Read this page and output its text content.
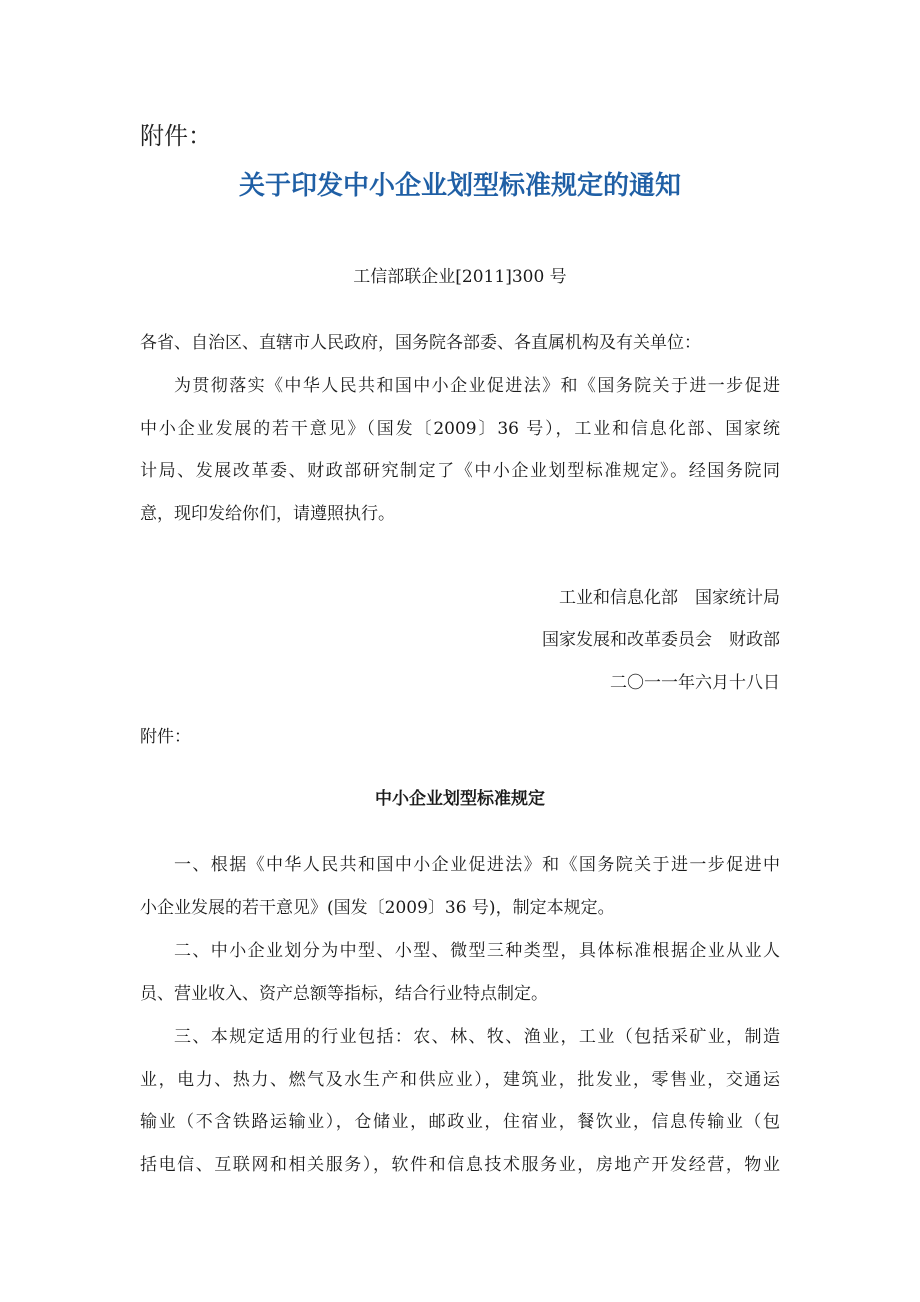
附件：

关于印发中小企业划型标准规定的通知

工信部联企业[2011]300 号

各省、自治区、直辖市人民政府，国务院各部委、各直属机构及有关单位：
为贯彻落实《中华人民共和国中小企业促进法》和《国务院关于进一步促进
中小企业发展的若干意见》（国发〔2009〕36 号），工业和信息化部、国家统
计局、发展改革委、财政部研究制定了《中小企业划型标准规定》。经国务院同
意，现印发给你们，请遵照执行。

工业和信息化部　国家统计局

国家发展和改革委员会　财政部

二〇一一年六月十八日

附件：

中小企业划型标准规定
一、根据《中华人民共和国中小企业促进法》和《国务院关于进一步促进中
小企业发展的若干意见》(国发〔2009〕36 号)，制定本规定。
二、中小企业划分为中型、小型、微型三种类型，具体标准根据企业从业人
员、营业收入、资产总额等指标，结合行业特点制定。
三、本规定适用的行业包括：农、林、牧、渔业，工业（包括采矿业，制造
业，电力、热力、燃气及水生产和供应业），建筑业，批发业，零售业，交通运
输业（不含铁路运输业），仓储业，邮政业，住宿业，餐饮业，信息传输业（包
括电信、互联网和相关服务），软件和信息技术服务业，房地产开发经营，物业
